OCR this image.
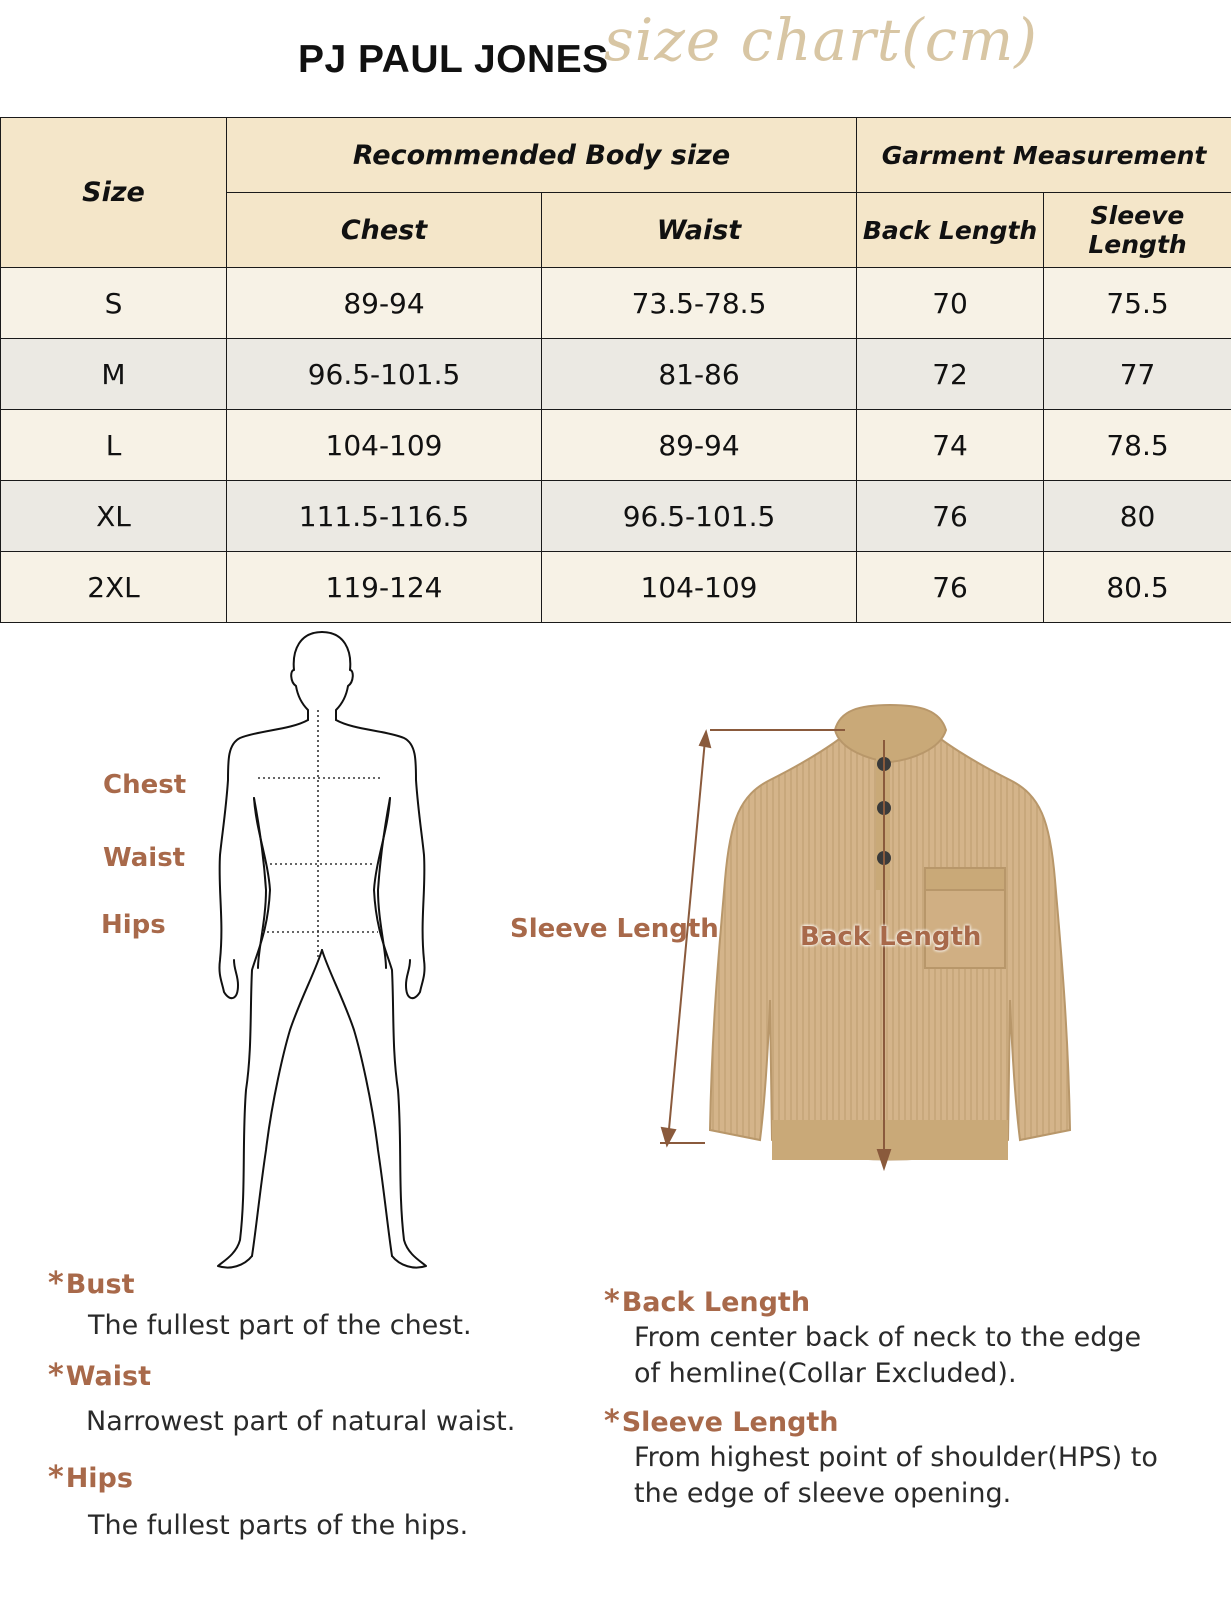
PJ PAUL JONES
size chart(cm)
Size	Recommended Body size		Garment Measurement	
	Chest	Waist	Back Length	Sleeve Length
S	89-94	73.5-78.5	70	75.5
M	96.5-101.5	81-86	72	77
L	104-109	89-94	74	78.5
XL	111.5-116.5	96.5-101.5	76	80
2XL	119-124	104-109	76	80.5
Chest
Waist
Hips	Sleeve Length	Back Length
*Bust
The fullest part of the chest.
*Waist
Narrowest part of natural waist.
*Hips
The fullest parts of the hips.
*Back Length
From center back of neck to the edge
of hemline(Collar Excluded).
*Sleeve Length
From highest point of shoulder(HPS) to
the edge of sleeve opening.
